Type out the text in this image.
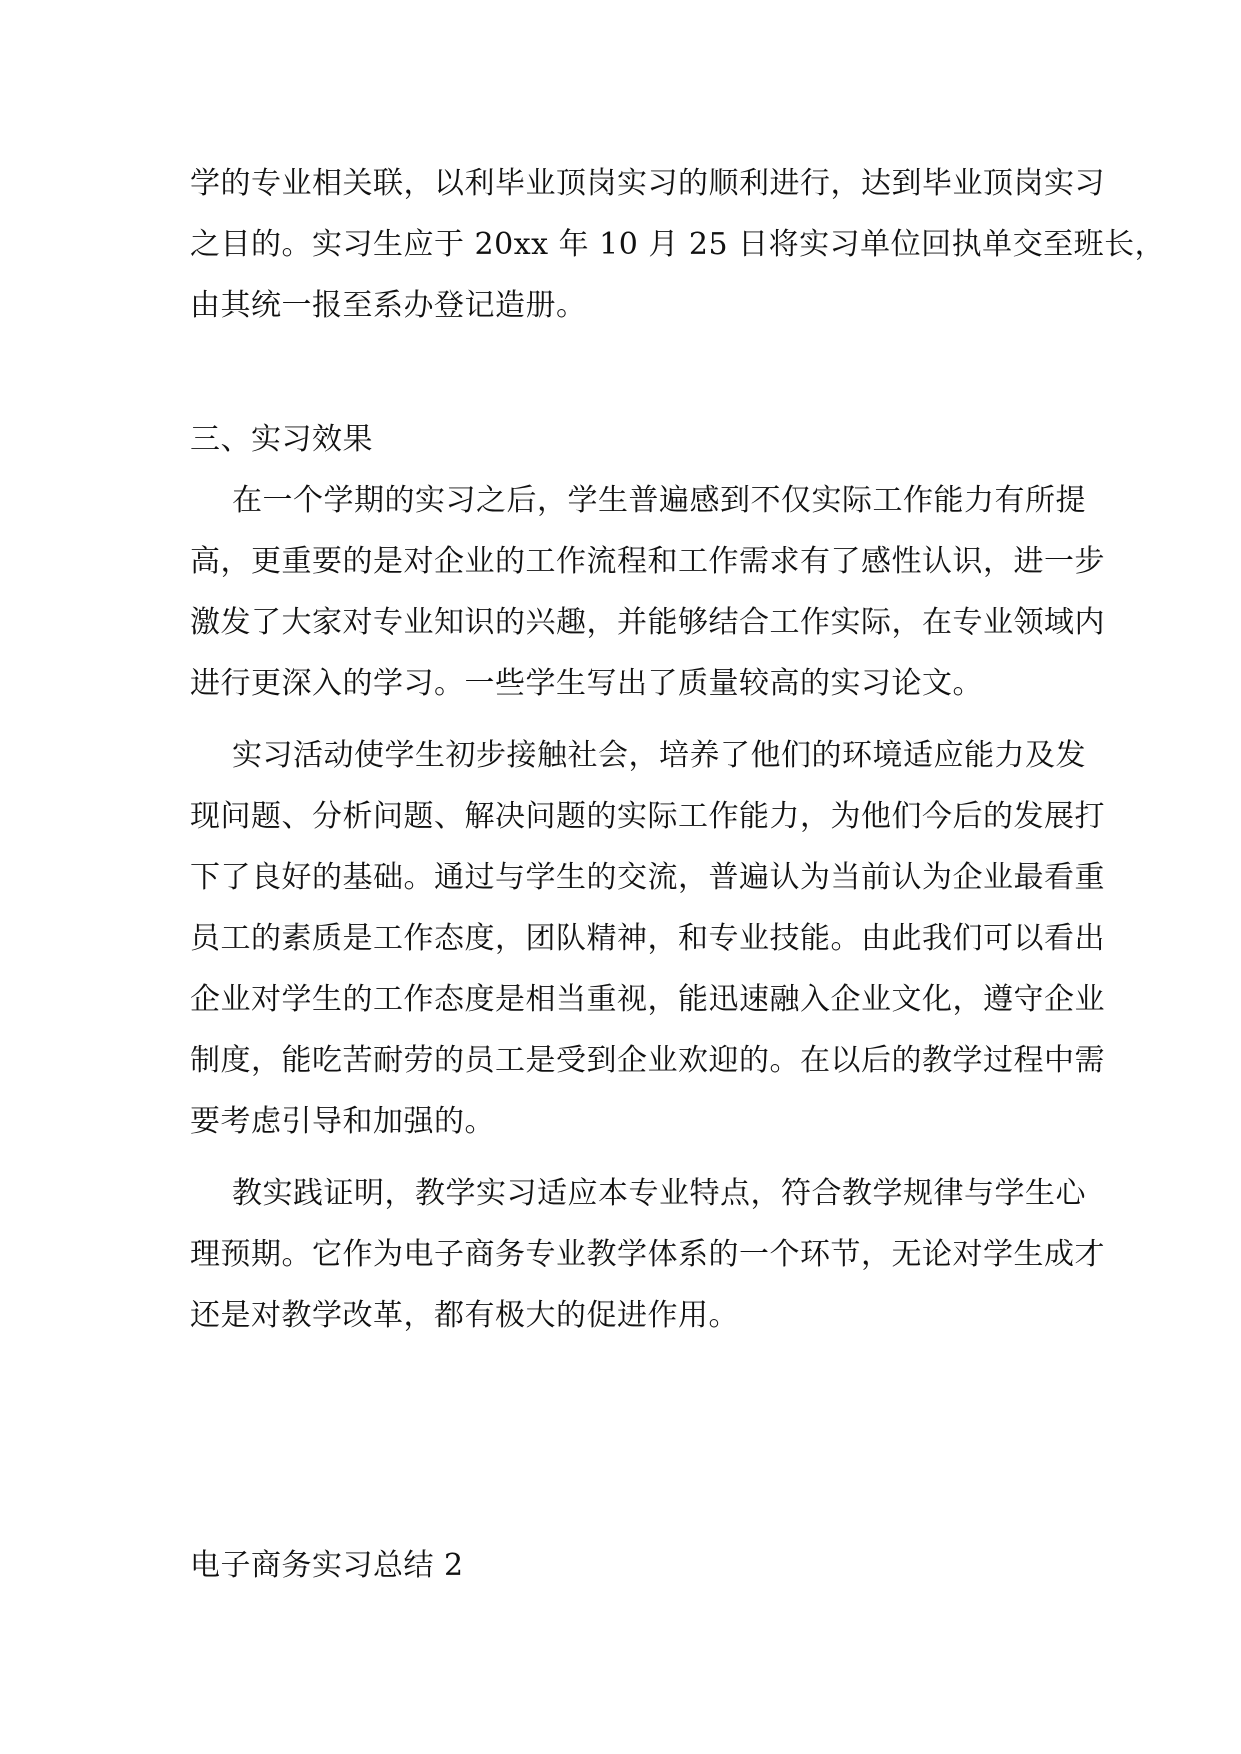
学的专业相关联，以利毕业顶岗实习的顺利进行，达到毕业顶岗实习
之目的。实习生应于 20xx 年 10 月 25 日将实习单位回执单交至班长，
由其统一报至系办登记造册。
三、实习效果
在一个学期的实习之后，学生普遍感到不仅实际工作能力有所提
高，更重要的是对企业的工作流程和工作需求有了感性认识，进一步
激发了大家对专业知识的兴趣，并能够结合工作实际，在专业领域内
进行更深入的学习。一些学生写出了质量较高的实习论文。
实习活动使学生初步接触社会，培养了他们的环境适应能力及发
现问题、分析问题、解决问题的实际工作能力，为他们今后的发展打
下了良好的基础。通过与学生的交流，普遍认为当前认为企业最看重
员工的素质是工作态度，团队精神，和专业技能。由此我们可以看出
企业对学生的工作态度是相当重视，能迅速融入企业文化，遵守企业
制度，能吃苦耐劳的员工是受到企业欢迎的。在以后的教学过程中需
要考虑引导和加强的。
教实践证明，教学实习适应本专业特点，符合教学规律与学生心
理预期。它作为电子商务专业教学体系的一个环节，无论对学生成才
还是对教学改革，都有极大的促进作用。
电子商务实习总结 2
